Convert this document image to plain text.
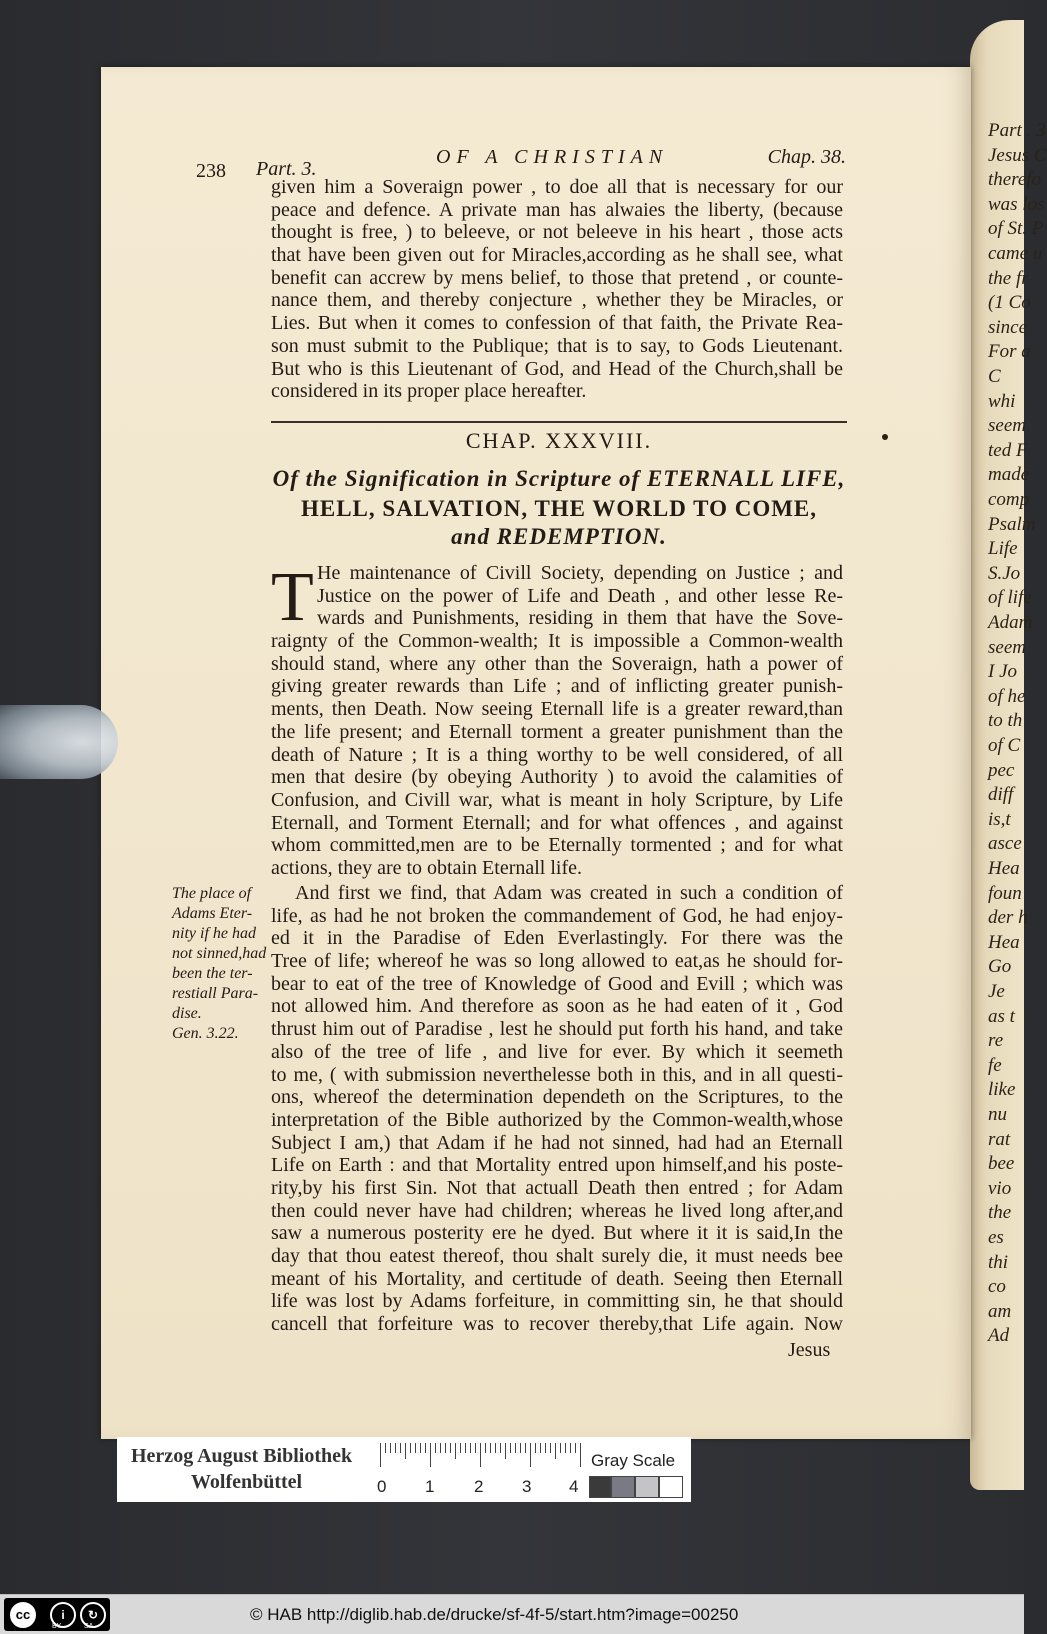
Part . 3
Jesus C
therefo
was los
of St. P
came u
the fr
(1 Co
since
For a
C
whi
seem
ted F
made
comp
Psalm
Life
S.Jo
of life
Adam
seem
I Jo
of he
to th
of C
pec
diff
is,t
asce
Hea
foun
der h
Hea
Go
Je
as t
re
fe
like
nu
rat
bee
vio
the
es
thi
co
am
Ad
238 Part. 3.
OF A CHRISTIAN	Chap. 38.
given him a Soveraign power , to doe all that is necessary for our
peace and defence. A private man has alwaies the liberty, (because
thought is free, ) to beleeve, or not beleeve in his heart , those acts
that have been given out for Miracles,according as he shall see, what
benefit can accrew by mens belief, to those that pretend , or counte-
nance them, and thereby conjecture , whether they be Miracles, or
Lies. But when it comes to confession of that faith, the Private Rea-
son must submit to the Publique; that is to say, to Gods Lieutenant.
But who is this Lieutenant of God, and Head of the Church,shall be
considered in its proper place hereafter.
CHAP. XXXVIII.
Of the Signification in Scripture of ETERNALL LIFE,
HELL, SALVATION, THE WORLD TO COME,
and REDEMPTION.
T He maintenance of Civill Society, depending on Justice ; and
Justice on the power of Life and Death , and other lesse Re-
wards and Punishments, residing in them that have the Sove-
raignty of the Common-wealth; It is impossible a Common-wealth
should stand, where any other than the Soveraign, hath a power of
giving greater rewards than Life ; and of inflicting greater punish-
ments, then Death. Now seeing Eternall life is a greater reward,than
the life present; and Eternall torment a greater punishment than the
death of Nature ; It is a thing worthy to be well considered, of all
men that desire (by obeying Authority ) to avoid the calamities of
Confusion, and Civill war, what is meant in holy Scripture, by Life
Eternall, and Torment Eternall; and for what offences , and against
whom committed,men are to be Eternally tormented ; and for what
actions, they are to obtain Eternall life.
The place of
Adams Eter-
nity if he had
not sinned,had
been the ter-
restiall Para-
dise.
Gen. 3.22.
And first we find, that Adam was created in such a condition of
life, as had he not broken the commandement of God, he had enjoy-
ed it in the Paradise of Eden Everlastingly. For there was the
Tree of life; whereof he was so long allowed to eat,as he should for-
bear to eat of the tree of Knowledge of Good and Evill ; which was
not allowed him. And therefore as soon as he had eaten of it , God
thrust him out of Paradise , lest he should put forth his hand, and take
also of the tree of life , and live for ever. By which it seemeth
to me, ( with submission neverthelesse both in this, and in all questi-
ons, whereof the determination dependeth on the Scriptures, to the
interpretation of the Bible authorized by the Common-wealth,whose
Subject I am,) that Adam if he had not sinned, had had an Eternall
Life on Earth : and that Mortality entred upon himself,and his poste-
rity,by his first Sin. Not that actuall Death then entred ; for Adam
then could never have had children; whereas he lived long after,and
saw a numerous posterity ere he dyed. But where it it is said,In the
day that thou eatest thereof, thou shalt surely die, it must needs bee
meant of his Mortality, and certitude of death. Seeing then Eternall
life was lost by Adams forfeiture, in committing sin, he that should
cancell that forfeiture was to recover thereby,that Life again. Now
Jesus
Herzog August Bibliothek
Wolfenbüttel	0 1 2 3 4
Gray Scale
cc	i	↻
BY	SA
© HAB http://diglib.hab.de/drucke/sf-4f-5/start.htm?image=00250
